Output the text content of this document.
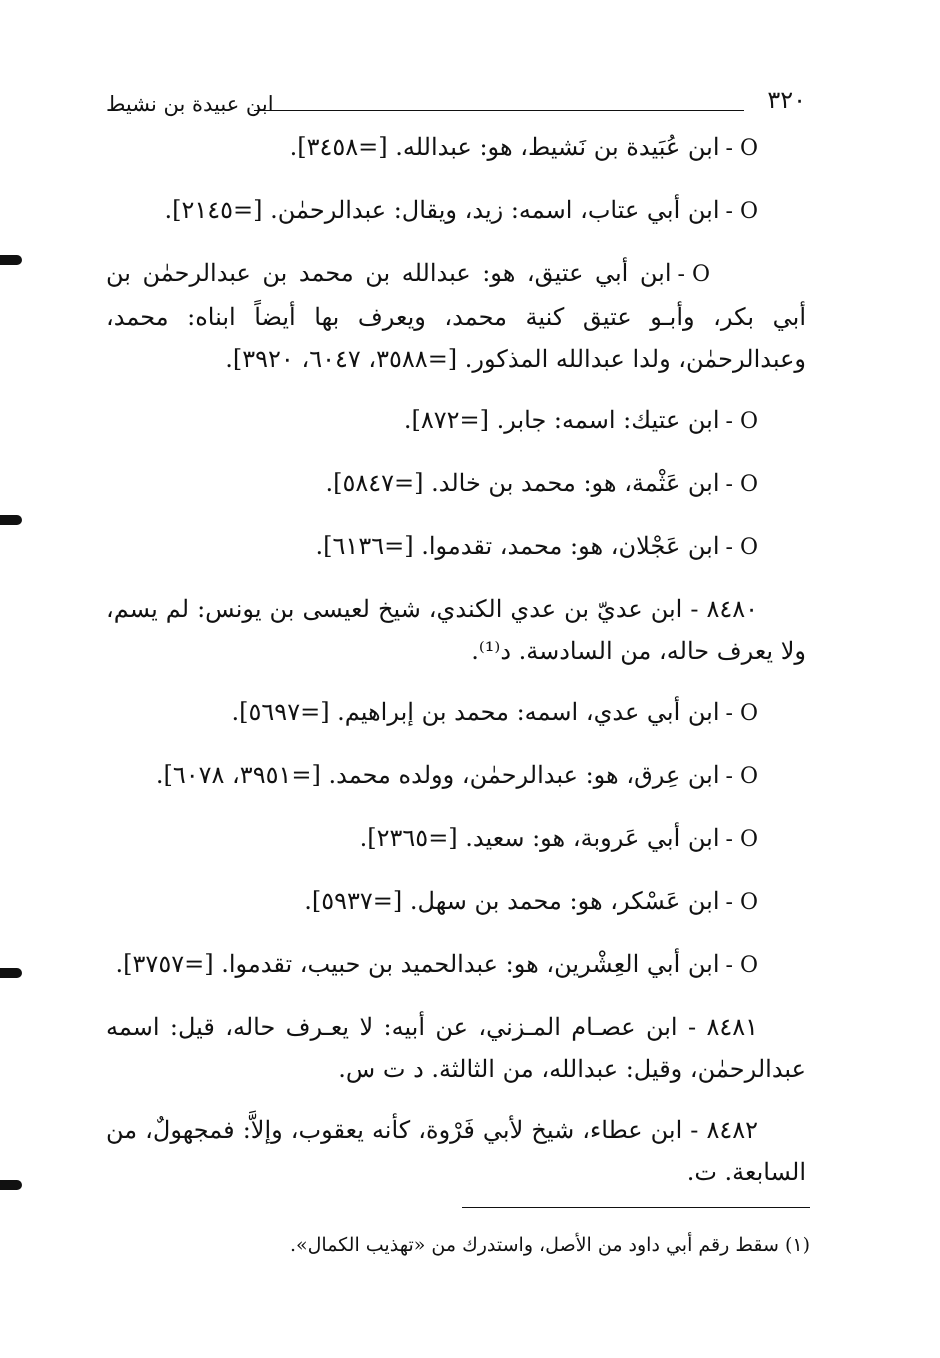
٣٢٠
ابن عبيدة بن نشيط

O -ابن عُبَيدة بن نَشيط، هو: عبدالله. [=٣٤٥٨].

O -ابن أبي عتاب، اسمه: زيد، ويقال: عبدالرحمٰن. [=٢١٤٥].

O -ابن أبي عتيق، هو: عبدالله بن محمد بن عبدالرحمٰن بن أبي بكر، وأبـو عتيق كنية محمد، ويعرف بها أيضاً ابناه: محمد، وعبدالرحمٰن، ولدا عبدالله المذكور. [=٣٥٨٨، ٦٠٤٧، ٣٩٢٠].

O -ابن عتيك: اسمه: جابر. [=٨٧٢].

O -ابن عَثْمة، هو: محمد بن خالد. [=٥٨٤٧].

O -ابن عَجْلان، هو: محمد، تقدموا. [=٦١٣٦].

٨٤٨٠ - ابن عديّ بن عدي الكندي، شيخ لعيسى بن يونس: لم يسم، ولا يعرف حاله، من السادسة. د⁽¹⁾.

O -ابن أبي عدي، اسمه: محمد بن إبراهيم. [=٥٦٩٧].

O -ابن عِرق، هو: عبدالرحمٰن، وولده محمد. [=٣٩٥١، ٦٠٧٨].

O -ابن أبي عَروبة، هو: سعيد. [=٢٣٦٥].

O -ابن عَسْكر، هو: محمد بن سهل. [=٥٩٣٧].

O -ابن أبي العِشْرين، هو: عبدالحميد بن حبيب، تقدموا. [=٣٧٥٧].

٨٤٨١ - ابن عصـام المـزني، عن أبيه: لا يعـرف حاله، قيل: اسمه عبدالرحمٰن، وقيل: عبدالله، من الثالثة. د ت س.

٨٤٨٢ - ابن عطاء، شيخ لأبي فَرْوة، كأنه يعقوب، وإلاَّ: فمجهولٌ، من السابعة. ت.

(١) سقط رقم أبي داود من الأصل، واستدرك من «تهذيب الكمال».
